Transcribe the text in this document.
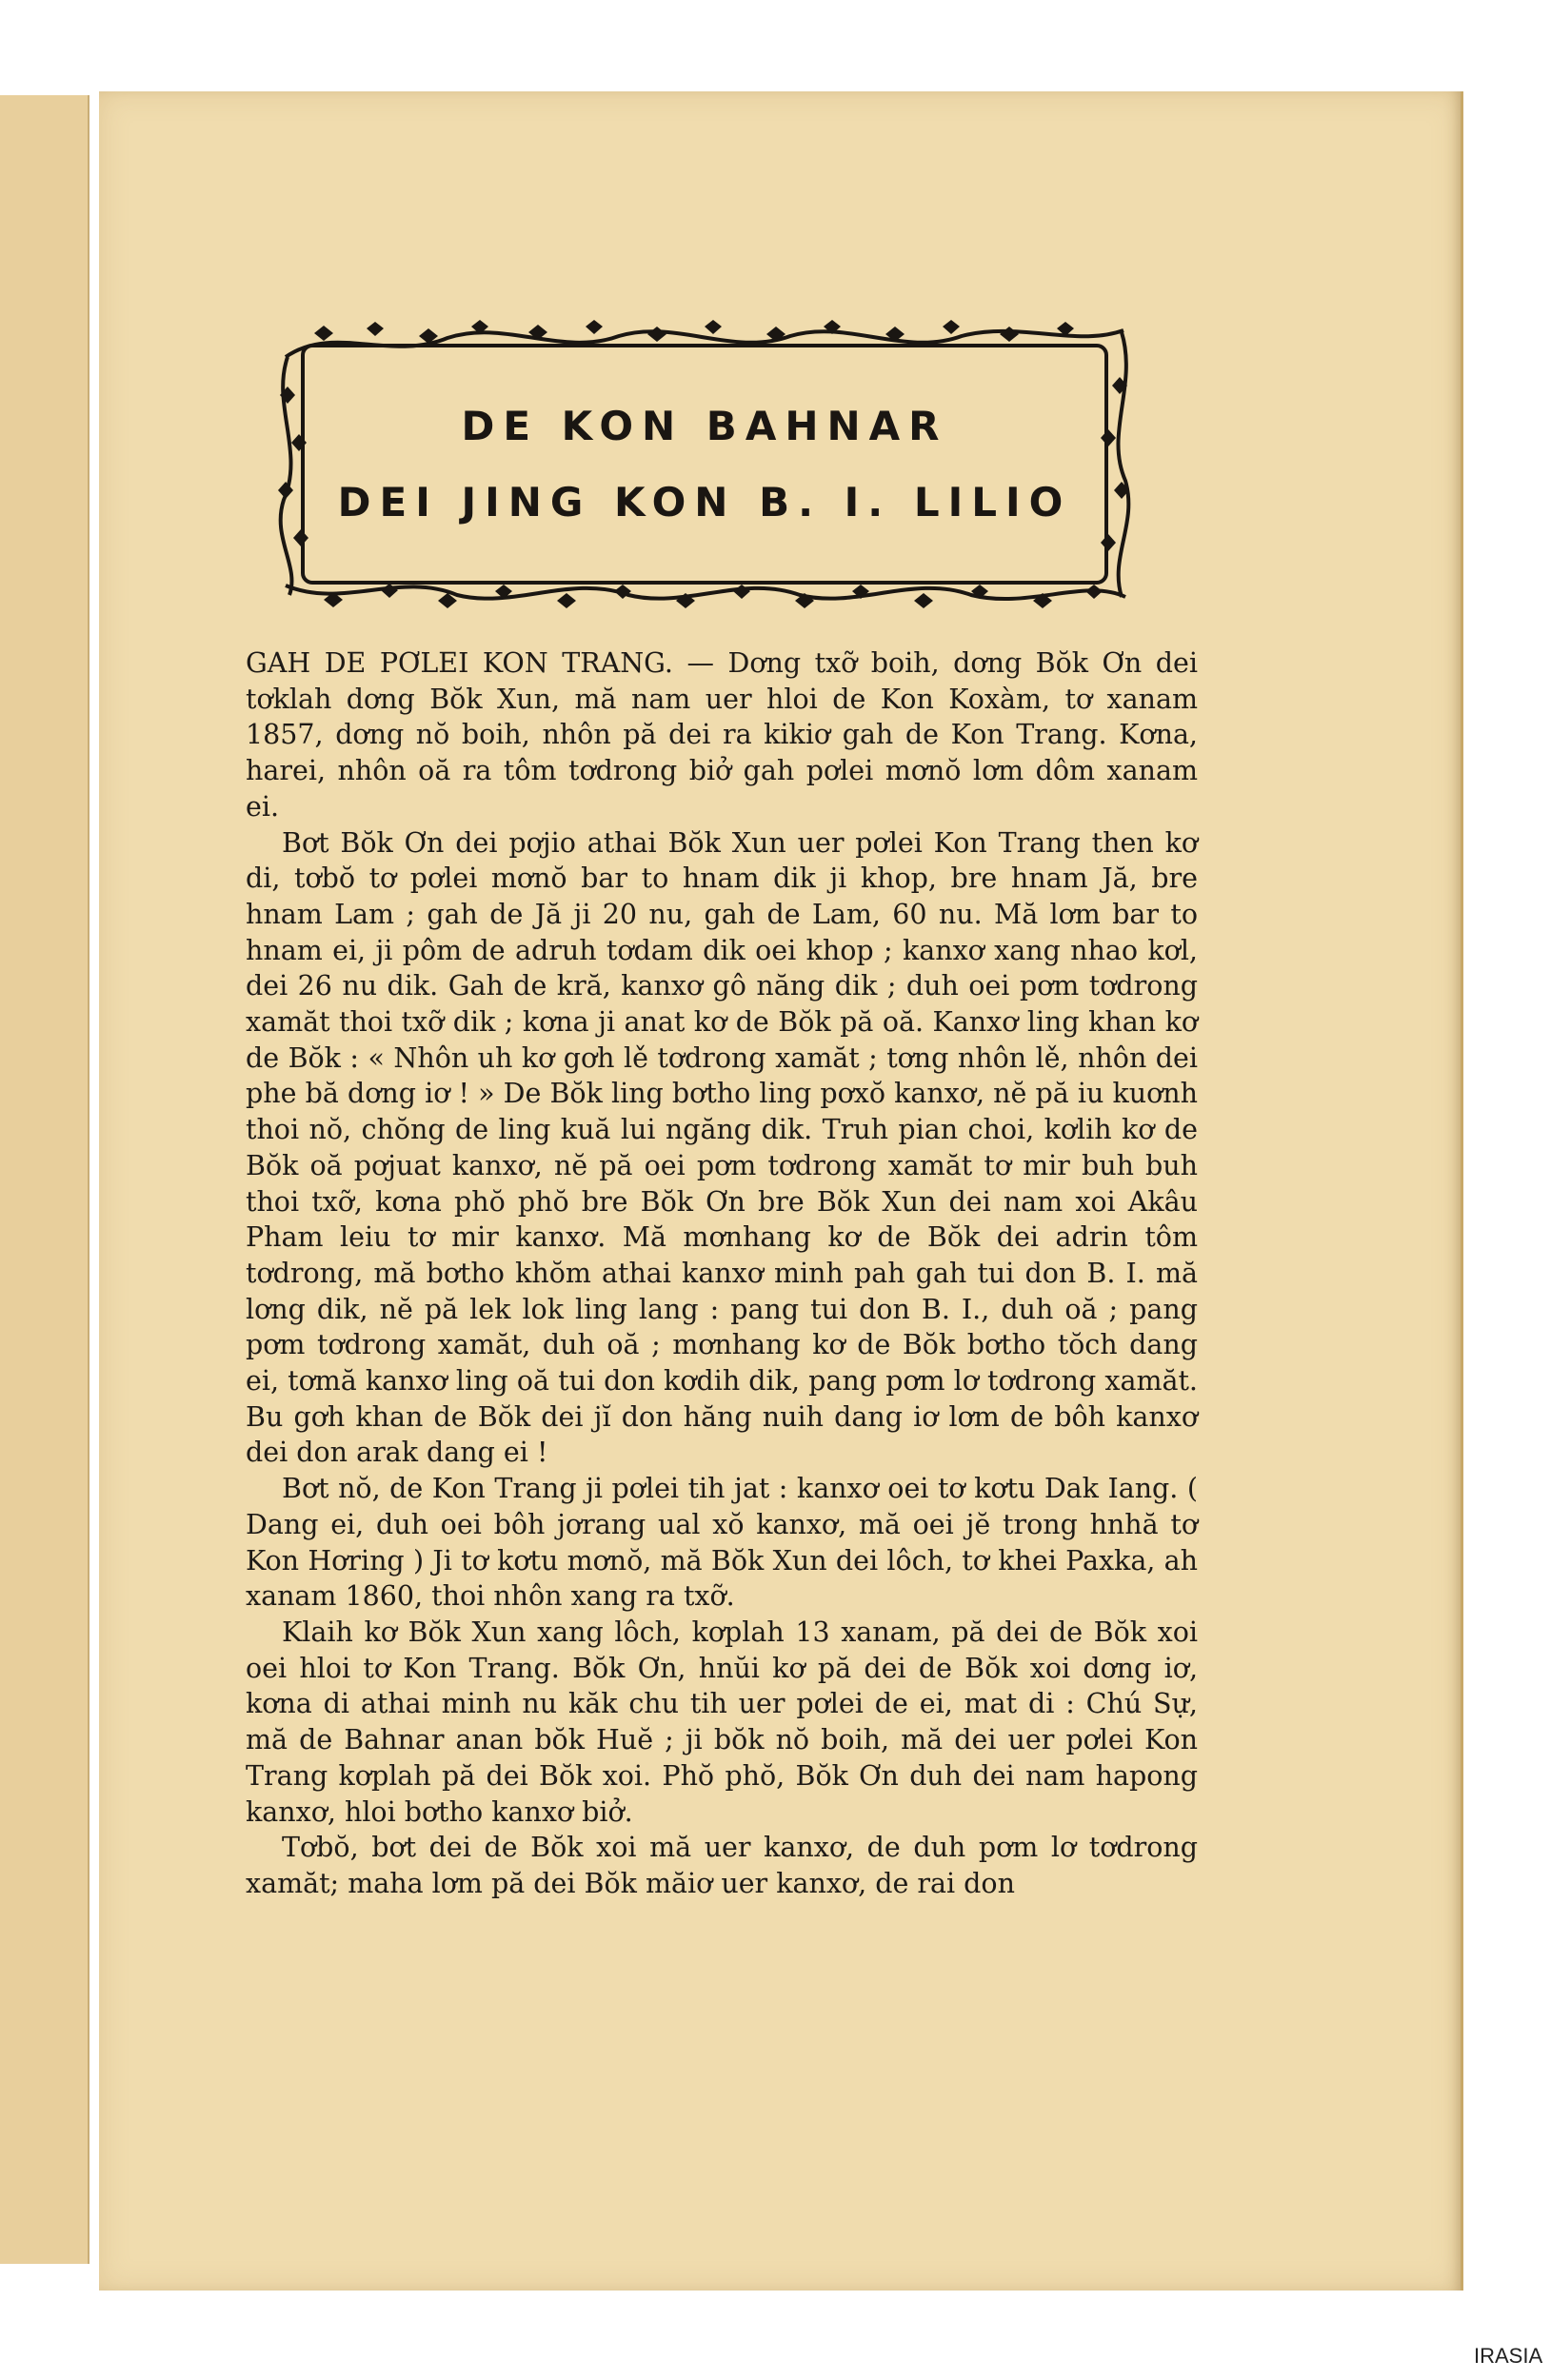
DE KON BAHNAR
DEI JING KON B. I. LILIO

GAH DE PƠLEI KON TRANG. — Dơng txỡ boih, dơng Bŏk Ơn dei tơklah dơng Bŏk Xun, mă nam uer hloi de Kon Koxàm, tơ xanam 1857, dơng nŏ boih, nhôn pă dei ra kikiơ gah de Kon Trang. Kơna, harei, nhôn oă ra tôm tơdrong biở gah pơlei mơnŏ lơm dôm xanam ei.

Bơt Bŏk Ơn dei pơjio athai Bŏk Xun uer pơlei Kon Trang then kơ di, tơbŏ tơ pơlei mơnŏ bar to hnam dik ji khop, bre hnam Jă, bre hnam Lam ; gah de Jă ji 20 nu, gah de Lam, 60 nu. Mă lơm bar to hnam ei, ji pôm de adruh tơdam dik oei khop ; kanxơ xang nhao kơl, dei 26 nu dik. Gah de kră, kanxơ gô năng dik ; duh oei pơm tơdrong xamăt thoi txỡ dik ; kơna ji anat kơ de Bŏk pă oă. Kanxơ ling khan kơ de Bŏk : « Nhôn uh kơ gơh lě tơdrong xamăt ; tơng nhôn lě, nhôn dei phe bă dơng iơ ! » De Bŏk ling bơtho ling pơxŏ kanxơ, nĕ pă iu kuơnh thoi nŏ, chŏng de ling kuă lui ngăng dik. Truh pian choi, kơlih kơ de Bŏk oă pơjuat kanxơ, nĕ pă oei pơm tơdrong xamăt tơ mir buh buh thoi txỡ, kơna phŏ phŏ bre Bŏk Ơn bre Bŏk Xun dei nam xoi Akâu Pham leiu tơ mir kanxơ. Mă mơnhang kơ de Bŏk dei adrin tôm tơdrong, mă bơtho khŏm athai kanxơ minh pah gah tui don B. I. mă lơng dik, nĕ pă lek lok ling lang : pang tui don B. I., duh oă ; pang pơm tơdrong xamăt, duh oă ; mơnhang kơ de Bŏk bơtho tŏch dang ei, tơmă kanxơ ling oă tui don kơdih dik, pang pơm lơ tơdrong xamăt. Bu gơh khan de Bŏk dei jĭ don hăng nuih dang iơ lơm de bôh kanxơ dei don arak dang ei !

Bơt nŏ, de Kon Trang ji pơlei tih jat : kanxơ oei tơ kơtu Dak Iang. ( Dang ei, duh oei bôh jơrang ual xŏ kanxơ, mă oei jĕ trong hnhă tơ Kon Hơring ) Ji tơ kơtu mơnŏ, mă Bŏk Xun dei lôch, tơ khei Paxka, ah xanam 1860, thoi nhôn xang ra txỡ.

Klaih kơ Bŏk Xun xang lôch, kơplah 13 xanam, pă dei de Bŏk xoi oei hloi tơ Kon Trang. Bŏk Ơn, hnŭi kơ pă dei de Bŏk xoi dơng iơ, kơna di athai minh nu kăk chu tih uer pơlei de ei, mat di : Chú Sự, mă de Bahnar anan bŏk Huĕ ; ji bŏk nŏ boih, mă dei uer pơlei Kon Trang kơplah pă dei Bŏk xoi. Phŏ phŏ, Bŏk Ơn duh dei nam hapong kanxơ, hloi bơtho kanxơ biở.

Tơbŏ, bơt dei de Bŏk xoi mă uer kanxơ, de duh pơm lơ tơdrong xamăt; maha lơm pă dei Bŏk măiơ uer kanxơ, de rai don

IRASIA
